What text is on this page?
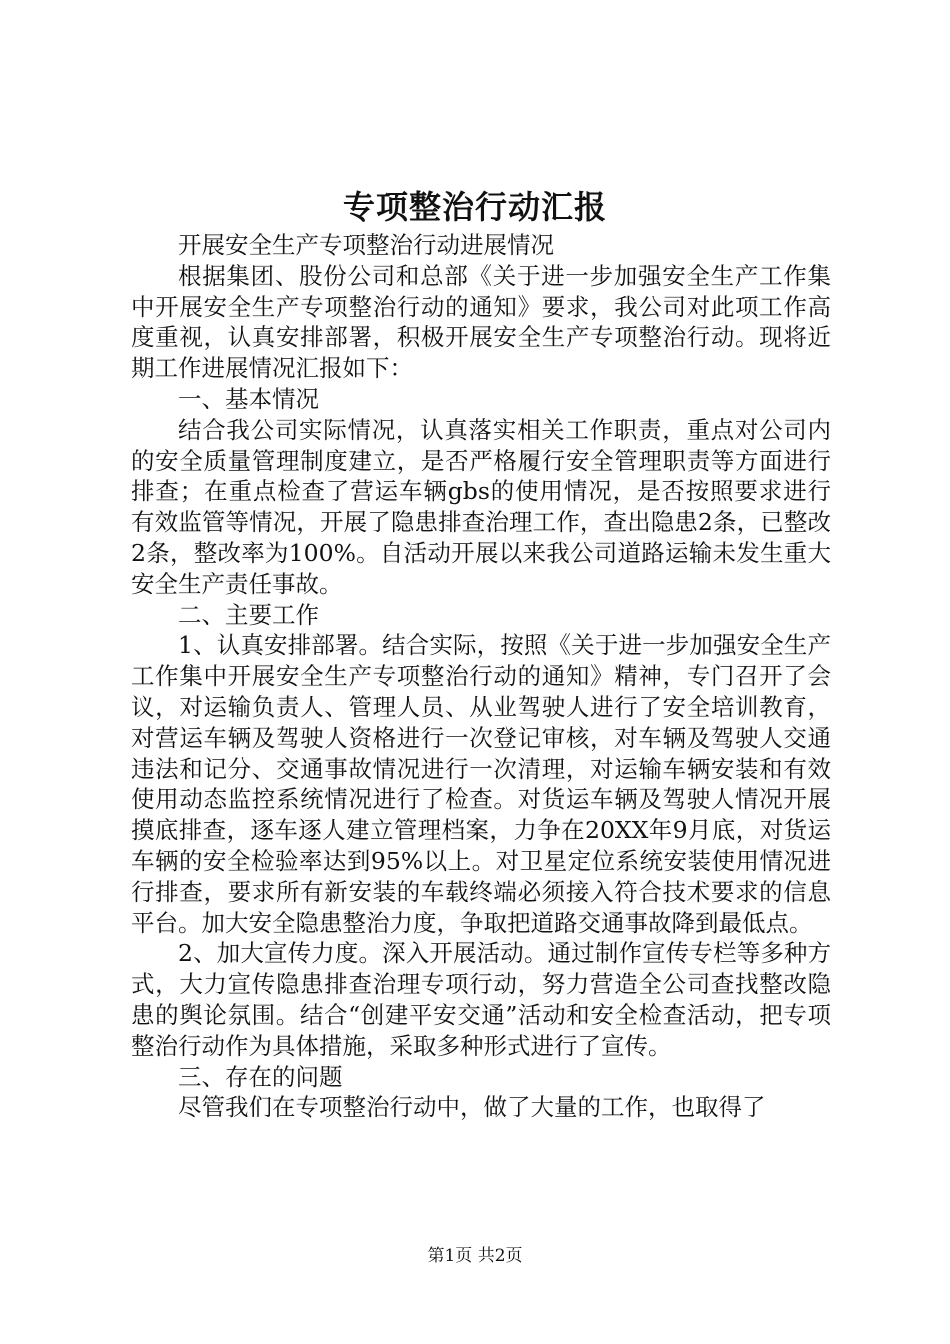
专项整治行动汇报

开展安全生产专项整治行动进展情况

根据集团、股份公司和总部《关于进一步加强安全生产工作集中开展安全生产专项整治行动的通知》要求，我公司对此项工作高度重视，认真安排部署，积极开展安全生产专项整治行动。现将近期工作进展情况汇报如下：

一、基本情况

结合我公司实际情况，认真落实相关工作职责，重点对公司内的安全质量管理制度建立，是否严格履行安全管理职责等方面进行排查；在重点检查了营运车辆gbs的使用情况，是否按照要求进行有效监管等情况，开展了隐患排查治理工作，查出隐患2条，已整改2条，整改率为100%。自活动开展以来我公司道路运输未发生重大安全生产责任事故。

二、主要工作

1、认真安排部署。结合实际，按照《关于进一步加强安全生产工作集中开展安全生产专项整治行动的通知》精神，专门召开了会议，对运输负责人、管理人员、从业驾驶人进行了安全培训教育，对营运车辆及驾驶人资格进行一次登记审核，对车辆及驾驶人交通违法和记分、交通事故情况进行一次清理，对运输车辆安装和有效使用动态监控系统情况进行了检查。对货运车辆及驾驶人情况开展摸底排查，逐车逐人建立管理档案，力争在20XX年9月底，对货运车辆的安全检验率达到95%以上。对卫星定位系统安装使用情况进行排查，要求所有新安装的车载终端必须接入符合技术要求的信息平台。加大安全隐患整治力度，争取把道路交通事故降到最低点。

2、加大宣传力度。深入开展活动。通过制作宣传专栏等多种方式，大力宣传隐患排查治理专项行动，努力营造全公司查找整改隐患的舆论氛围。结合“创建平安交通”活动和安全检查活动，把专项整治行动作为具体措施，采取多种形式进行了宣传。

三、存在的问题

尽管我们在专项整治行动中，做了大量的工作，也取得了

第1页 共2页
